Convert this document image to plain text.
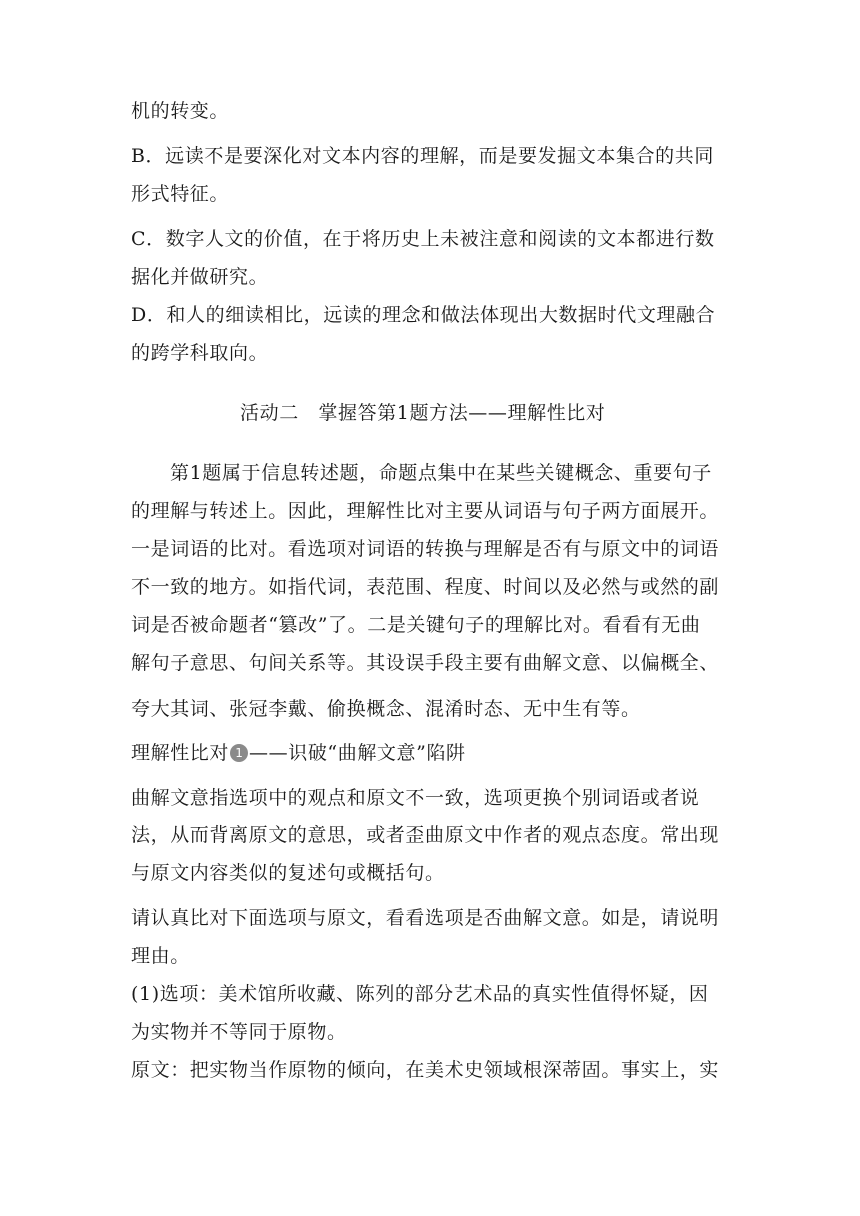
机的转变。
B．远读不是要深化对文本内容的理解，而是要发掘文本集合的共同
形式特征。
C．数字人文的价值，在于将历史上未被注意和阅读的文本都进行数
据化并做研究。
D．和人的细读相比，远读的理念和做法体现出大数据时代文理融合
的跨学科取向。
活动二　掌握答第1题方法——理解性比对
第1题属于信息转述题，命题点集中在某些关键概念、重要句子
的理解与转述上。因此，理解性比对主要从词语与句子两方面展开。
一是词语的比对。看选项对词语的转换与理解是否有与原文中的词语
不一致的地方。如指代词，表范围、程度、时间以及必然与或然的副
词是否被命题者“篡改”了。二是关键句子的理解比对。看看有无曲
解句子意思、句间关系等。其设误手段主要有曲解文意、以偏概全、
夸大其词、张冠李戴、偷换概念、混淆时态、无中生有等。
理解性比对 1 ——识破“曲解文意”陷阱
曲解文意指选项中的观点和原文不一致，选项更换个别词语或者说
法，从而背离原文的意思，或者歪曲原文中作者的观点态度。常出现
与原文内容类似的复述句或概括句。
请认真比对下面选项与原文，看看选项是否曲解文意。如是，请说明
理由。
(1)选项：美术馆所收藏、陈列的部分艺术品的真实性值得怀疑，因
为实物并不等同于原物。
原文：把实物当作原物的倾向，在美术史领域根深蒂固。事实上，实
